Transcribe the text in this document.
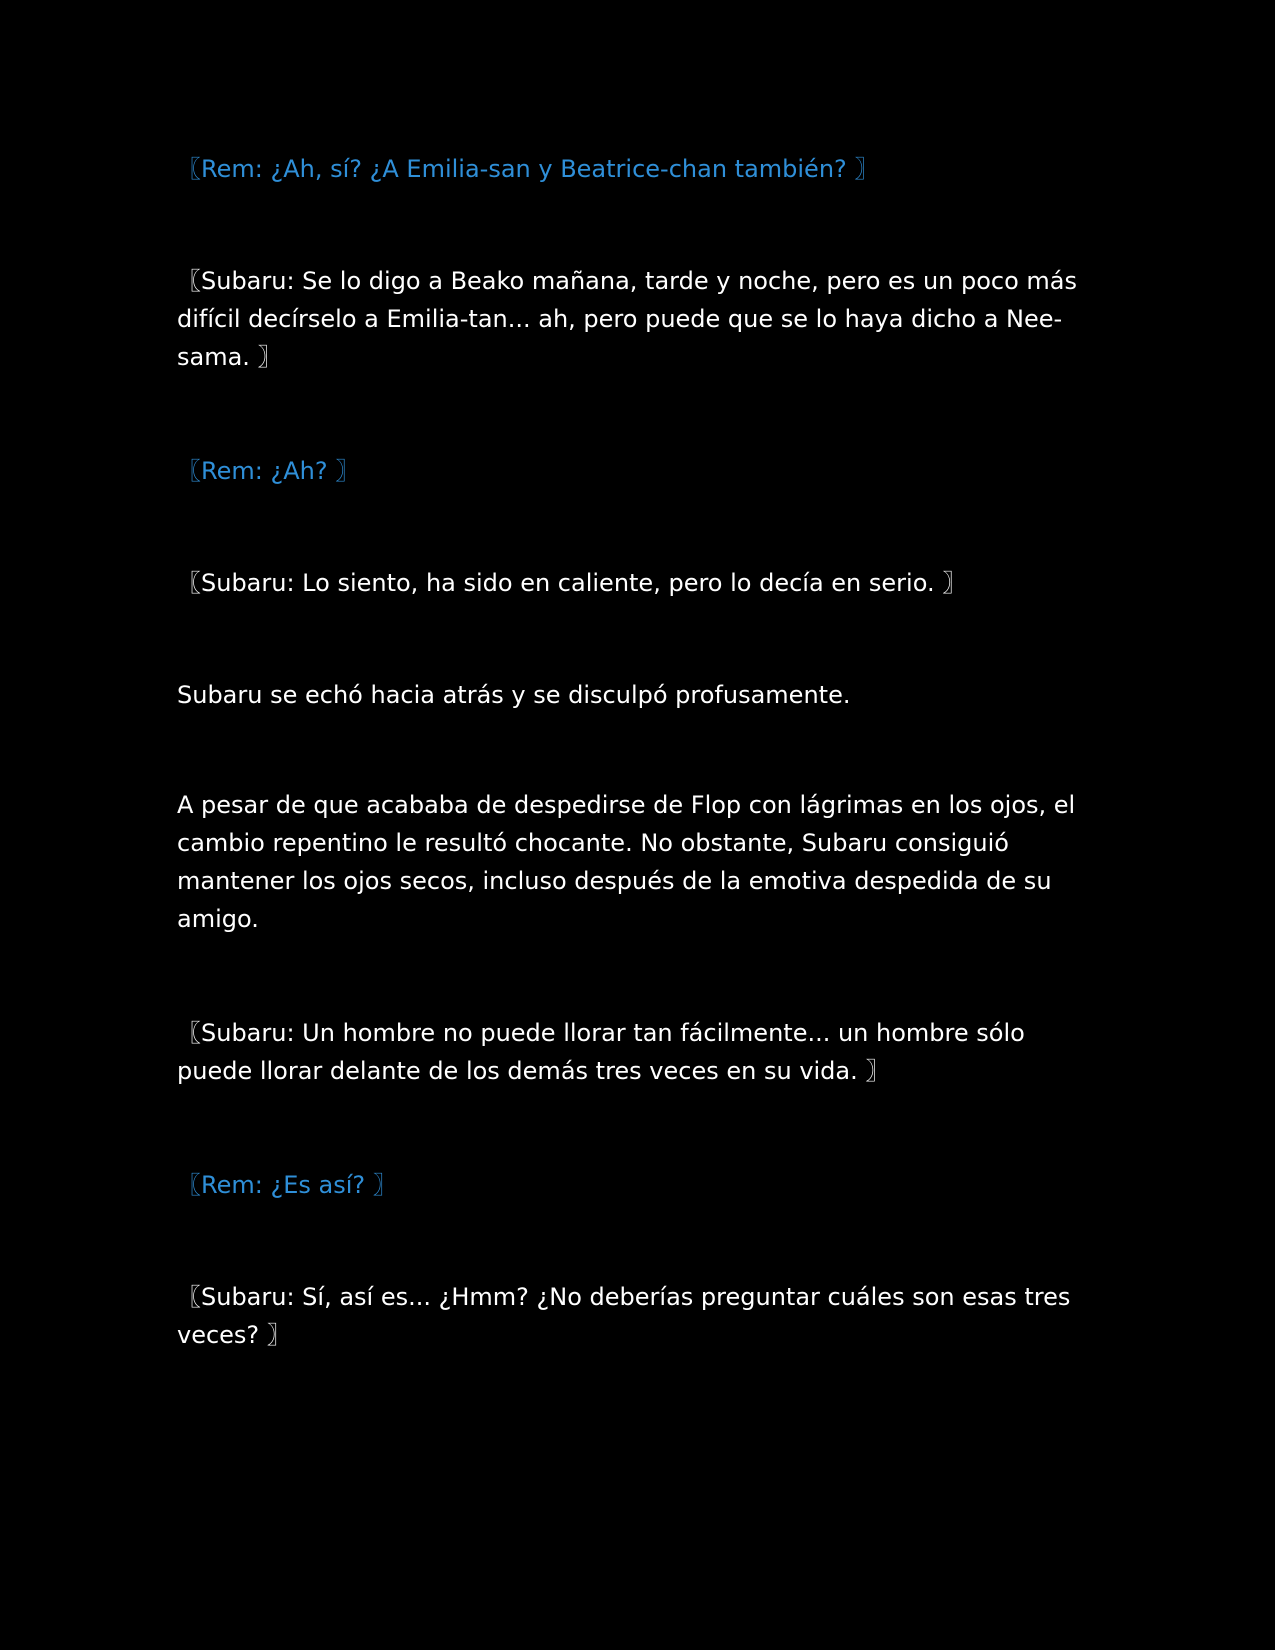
〖Rem: ¿Ah, sí? ¿A Emilia-san y Beatrice-chan también? 〗

〖Subaru: Se lo digo a Beako mañana, tarde y noche, pero es un poco más difícil decírselo a Emilia-tan... ah, pero puede que se lo haya dicho a Nee-sama. 〗

〖Rem: ¿Ah? 〗

〖Subaru: Lo siento, ha sido en caliente, pero lo decía en serio. 〗

Subaru se echó hacia atrás y se disculpó profusamente.

A pesar de que acababa de despedirse de Flop con lágrimas en los ojos, el cambio repentino le resultó chocante. No obstante, Subaru consiguió mantener los ojos secos, incluso después de la emotiva despedida de su amigo.

〖Subaru: Un hombre no puede llorar tan fácilmente... un hombre sólo puede llorar delante de los demás tres veces en su vida. 〗

〖Rem: ¿Es así? 〗

〖Subaru: Sí, así es... ¿Hmm? ¿No deberías preguntar cuáles son esas tres veces? 〗
